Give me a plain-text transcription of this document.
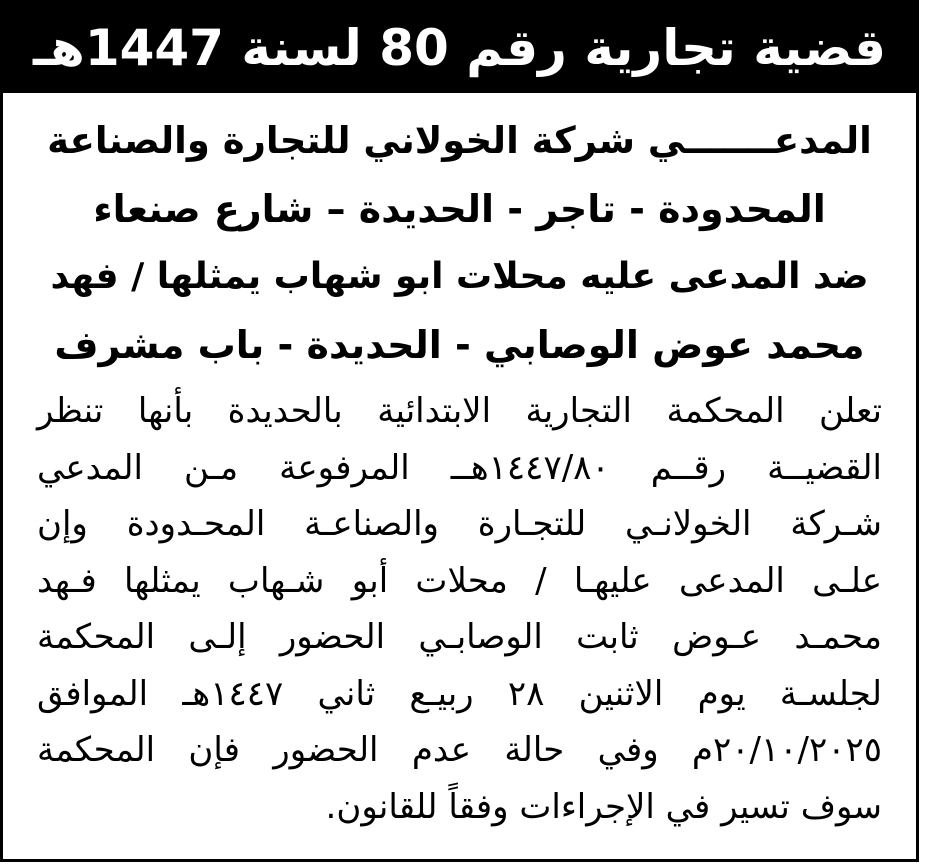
قضية تجارية رقم 80 لسنة 1447هـ
المدعـــــــي شركة الخولاني للتجارة والصناعة
المحدودة - تاجر - الحديدة – شارع صنعاء
ضد المدعى عليه محلات ابو شهاب يمثلها / فهد
محمد عوض الوصابي - الحديدة - باب مشرف
تعلن المحكمة التجارية الابتدائية بالحديدة بأنها تنظر
القضيــة رقــم ١٤٤٧/٨٠هــ المرفوعة مـن المدعي
شـركة الخولانـي للتجـارة والصناعـة المحـدودة وإن
علـى المدعى عليهـا / محلات أبو شـهاب يمثلها فـهد
محمـد عـوض ثابت الوصابـي الحضور إلـى المحكمة
لجلسـة يوم الاثنين ٢٨ ربيـع ثاني ١٤٤٧هـ الموافق
٢٠/١٠/٢٠٢٥م وفي حالة عدم الحضور فإن المحكمة
سوف تسير في الإجراءات وفقاً للقانون.
